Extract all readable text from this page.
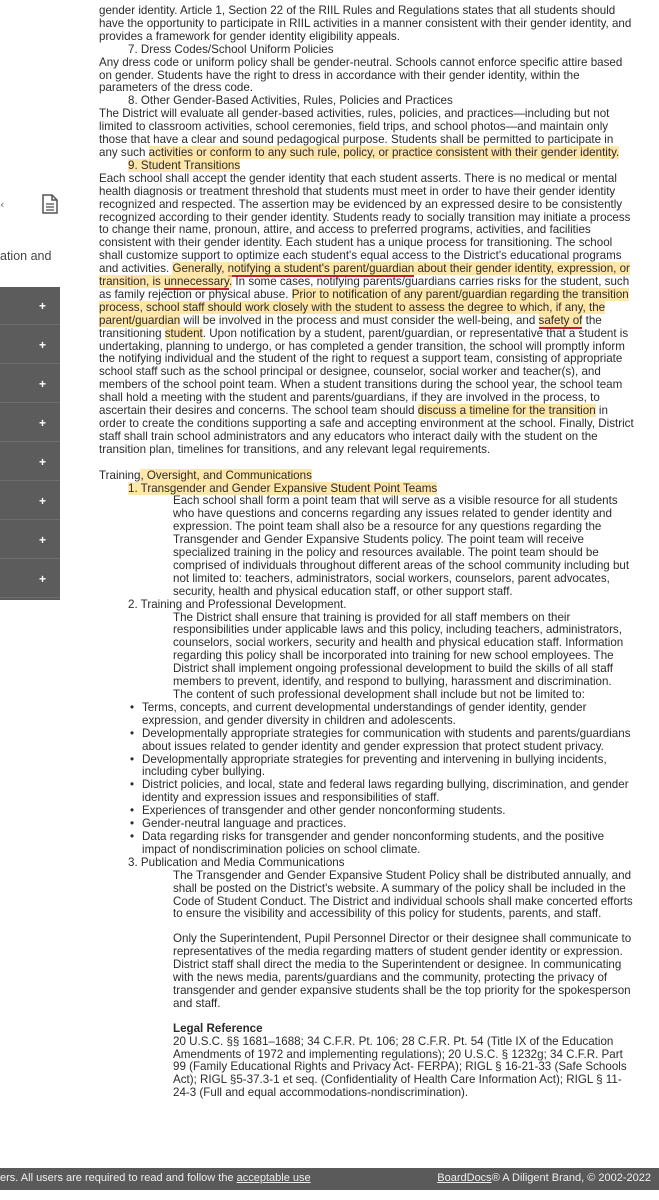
‹
ation and
+
+
+
+
+
+
+
+

gender identity. Article 1, Section 22 of the RIIL Rules and Regulations states that all students should have the opportunity to participate in RIIL activities in a manner consistent with their gender identity, and provides a framework for gender identity eligibility appeals.

7. Dress Codes/School Uniform Policies

Any dress code or uniform policy shall be gender-neutral. Schools cannot enforce specific attire based on gender. Students have the right to dress in accordance with their gender identity, within the parameters of the dress code.

8. Other Gender-Based Activities, Rules, Policies and Practices

The District will evaluate all gender-based activities, rules, policies, and practices—including but not limited to classroom activities, school ceremonies, field trips, and school photos—and maintain only those that have a clear and sound pedagogical purpose. Students shall be permitted to participate in any such activities or conform to any such rule, policy, or practice consistent with their gender identity.

9. Student Transitions

Each school shall accept the gender identity that each student asserts. There is no medical or mental health diagnosis or treatment threshold that students must meet in order to have their gender identity recognized and respected. The assertion may be evidenced by an expressed desire to be consistently recognized according to their gender identity. Students ready to socially transition may initiate a process to change their name, pronoun, attire, and access to preferred programs, activities, and facilities consistent with their gender identity. Each student has a unique process for transitioning. The school shall customize support to optimize each student's equal access to the District's educational programs and activities. Generally, notifying a student's parent/guardian about their gender identity, expression, or transition, is unnecessary. In some cases, notifying parents/guardians carries risks for the student, such as family rejection or physical abuse. Prior to notification of any parent/guardian regarding the transition process, school staff should work closely with the student to assess the degree to which, if any, the parent/guardian will be involved in the process and must consider the well-being, and safety of the transitioning student. Upon notification by a student, parent/guardian, or representative that a student is undertaking, planning to undergo, or has completed a gender transition, the school will promptly inform the notifying individual and the student of the right to request a support team, consisting of appropriate school staff such as the school principal or designee, counselor, social worker and teacher(s), and members of the school point team. When a student transitions during the school year, the school team shall hold a meeting with the student and parents/guardians, if they are involved in the process, to ascertain their desires and concerns. The school team should discuss a timeline for the transition in order to create the conditions supporting a safe and accepting environment at the school. Finally, District staff shall train school administrators and any educators who interact daily with the student on the transition plan, timelines for transitions, and any relevant legal requirements.

Training, Oversight, and Communications

1. Transgender and Gender Expansive Student Point Teams

Each school shall form a point team that will serve as a visible resource for all students who have questions and concerns regarding any issues related to gender identity and expression. The point team shall also be a resource for any questions regarding the Transgender and Gender Expansive Students policy. The point team will receive specialized training in the policy and resources available. The point team should be comprised of individuals throughout different areas of the school community including but not limited to: teachers, administrators, social workers, counselors, parent advocates, security, health and physical education staff, or other support staff.

2. Training and Professional Development.

The District shall ensure that training is provided for all staff members on their responsibilities under applicable laws and this policy, including teachers, administrators, counselors, social workers, security and health and physical education staff. Information regarding this policy shall be incorporated into training for new school employees. The District shall implement ongoing professional development to build the skills of all staff members to prevent, identify, and respond to bullying, harassment and discrimination. The content of such professional development shall include but not be limited to:

• Terms, concepts, and current developmental understandings of gender identity, gender expression, and gender diversity in children and adolescents.
• Developmentally appropriate strategies for communication with students and parents/guardians about issues related to gender identity and gender expression that protect student privacy.
• Developmentally appropriate strategies for preventing and intervening in bullying incidents, including cyber bullying.
• District policies, and local, state and federal laws regarding bullying, discrimination, and gender identity and expression issues and responsibilities of staff.
• Experiences of transgender and other gender nonconforming students.
• Gender-neutral language and practices.
• Data regarding risks for transgender and gender nonconforming students, and the positive impact of nondiscrimination policies on school climate.

3. Publication and Media Communications

The Transgender and Gender Expansive Student Policy shall be distributed annually, and shall be posted on the District's website. A summary of the policy shall be included in the Code of Student Conduct. The District and individual schools shall make concerted efforts to ensure the visibility and accessibility of this policy for students, parents, and staff.

Only the Superintendent, Pupil Personnel Director or their designee shall communicate to representatives of the media regarding matters of student gender identity or expression. District staff shall direct the media to the Superintendent or designee. In communicating with the news media, parents/guardians and the community, protecting the privacy of transgender and gender expansive students shall be the top priority for the spokesperson and staff.

Legal Reference

20 U.S.C. §§ 1681–1688; 34 C.F.R. Pt. 106; 28 C.F.R. Pt. 54 (Title IX of the Education Amendments of 1972 and implementing regulations); 20 U.S.C. § 1232g; 34 C.F.R. Part 99 (Family Educational Rights and Privacy Act- FERPA); RIGL § 16-21-33 (Safe Schools Act); RIGL §5-37.3-1 et seq. (Confidentiality of Health Care Information Act); RIGL § 11-24-3 (Full and equal accommodations-nondiscrimination).

ers. All users are required to read and follow the acceptable use	BoardDocs® A Diligent Brand, © 2002-2022
